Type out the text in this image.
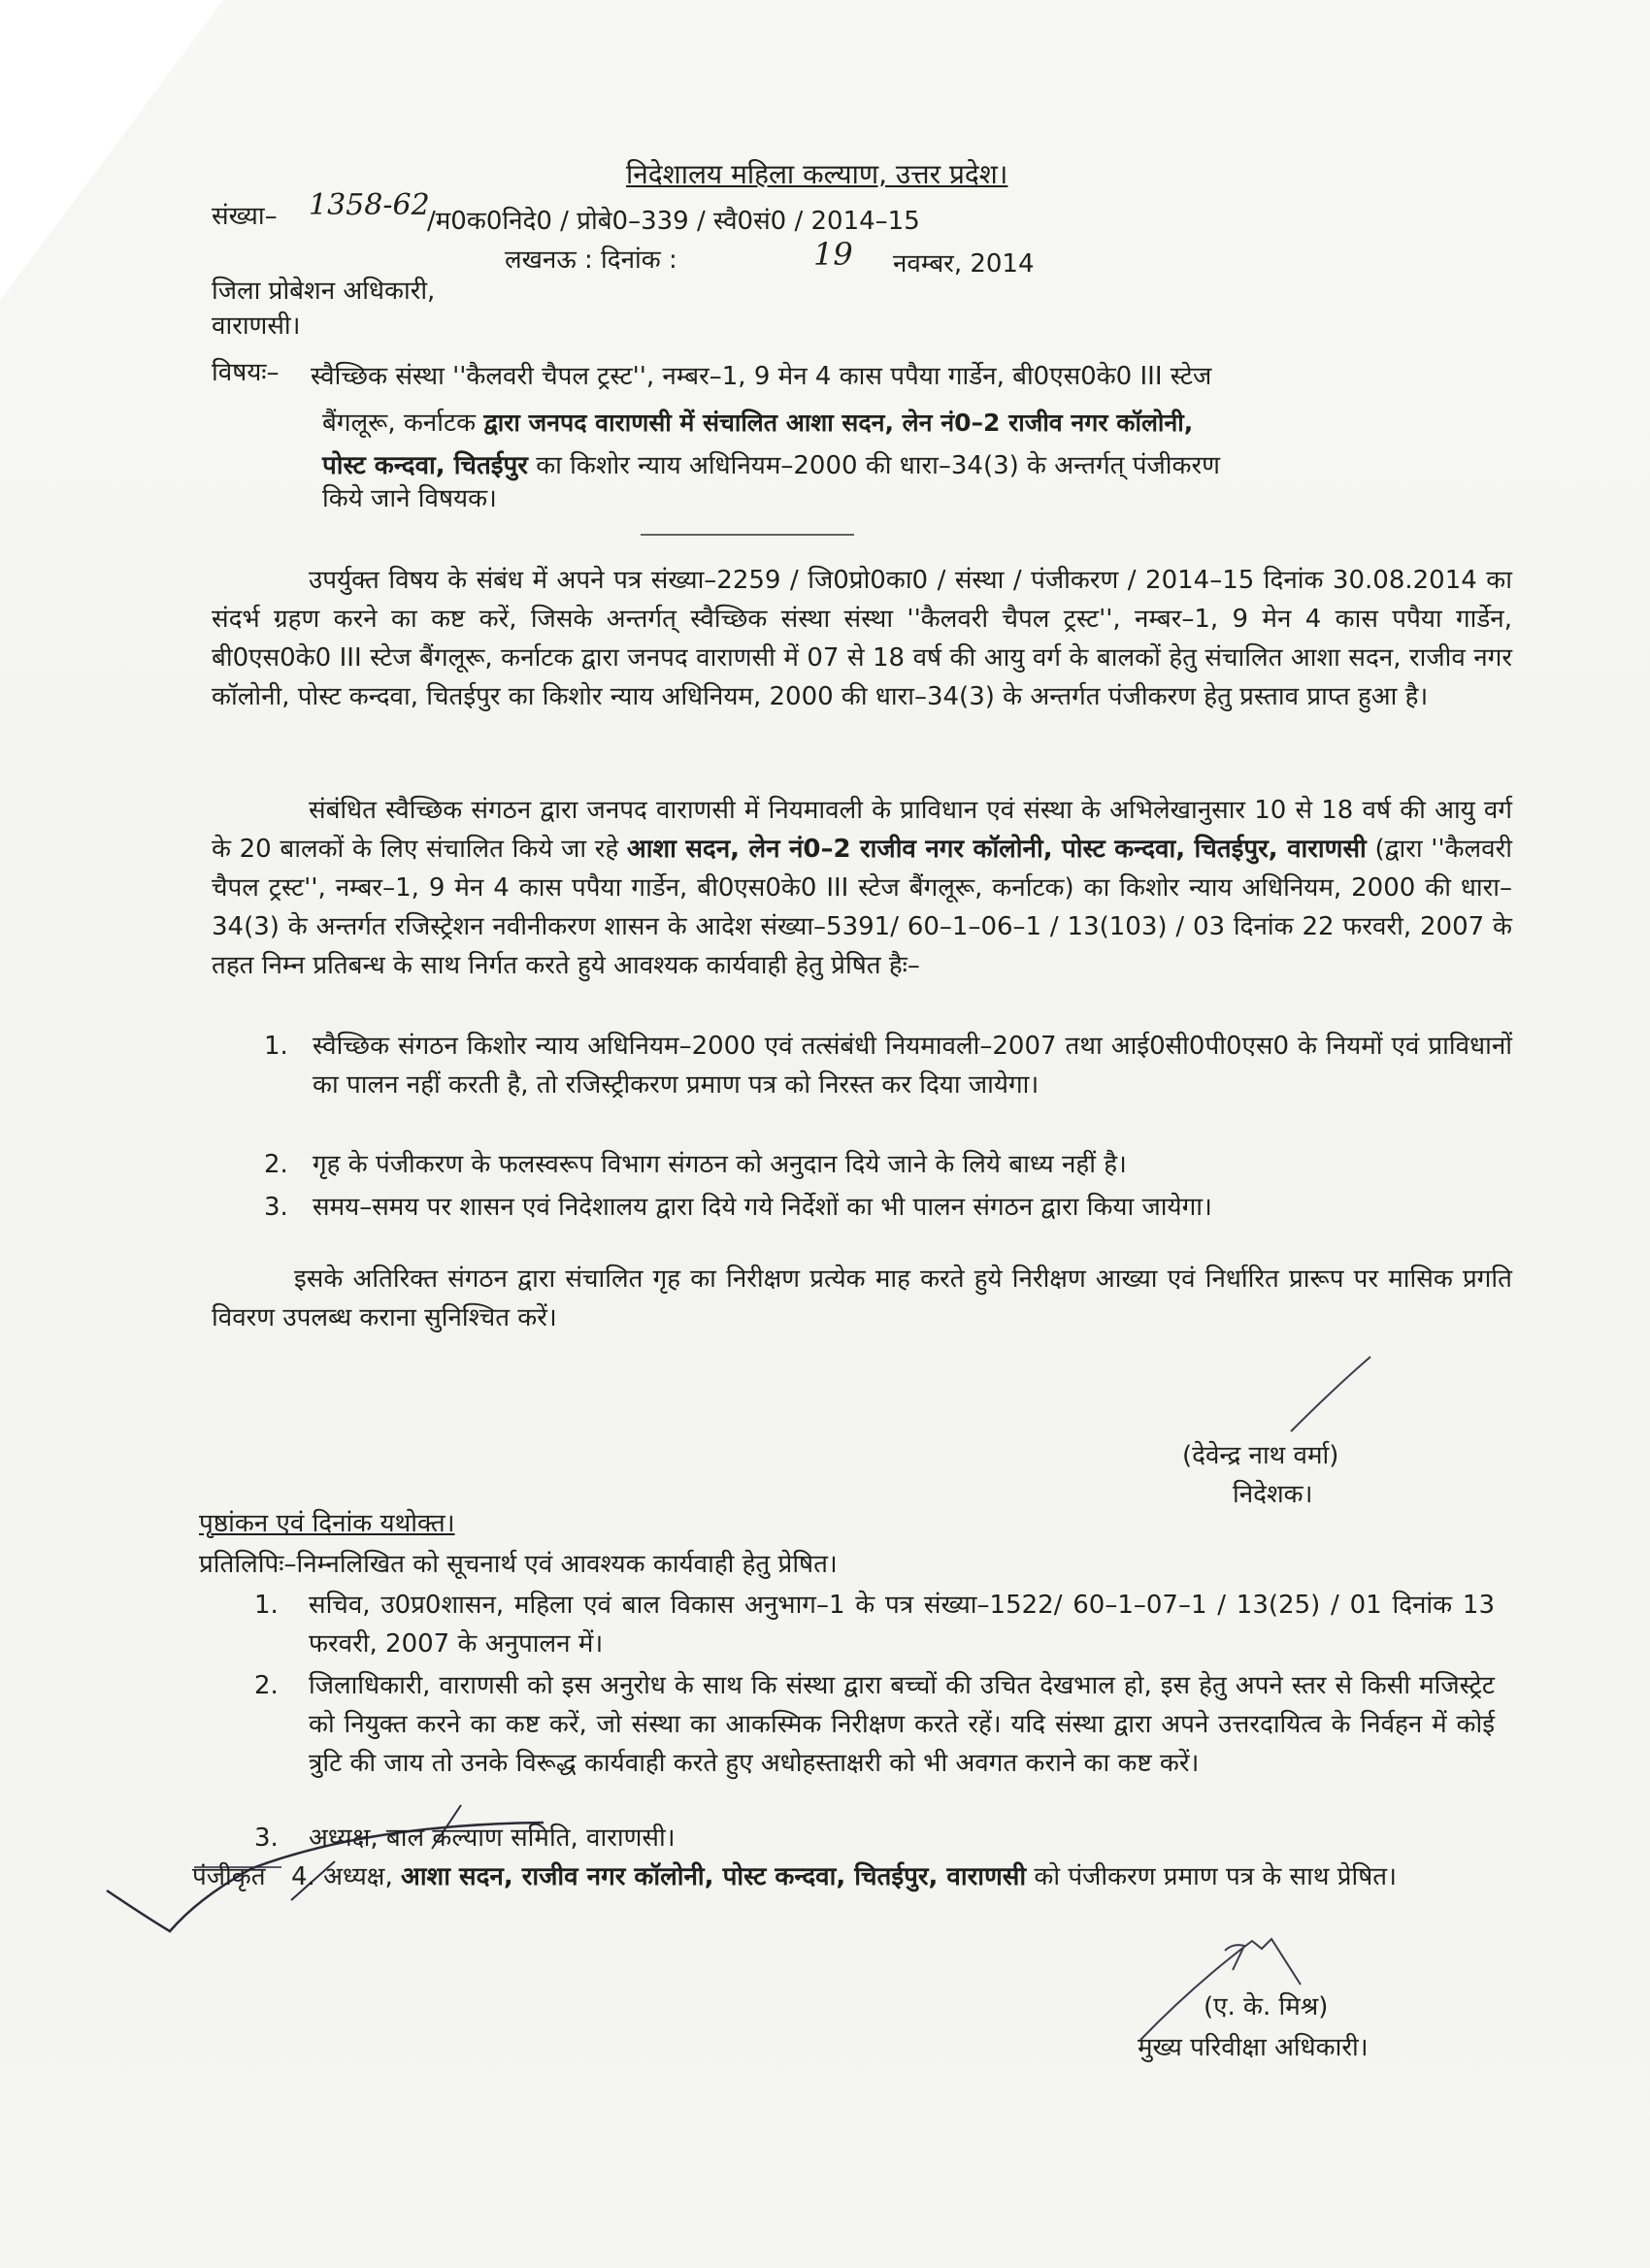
निदेशालय महिला कल्याण, उत्तर प्रदेश।
संख्या– 1358-62
/म0क0निदे0 / प्रोबे0–339 / स्वै0सं0 / 2014–15
लखनऊ : दिनांक :	19 नवम्बर, 2014
जिला प्रोबेशन अधिकारी,
वाराणसी।
विषयः– स्वैच्छिक संस्था ''कैलवरी चैपल ट्रस्ट'', नम्बर–1, 9 मेन 4 कास पपैया गार्डेन, बी0एस0के0 III स्टेज
बैंगलूरू, कर्नाटक द्वारा जनपद वाराणसी में संचालित आशा सदन, लेन नं0–2 राजीव नगर कॉलोनी,
पोस्ट कन्दवा, चितईपुर का किशोर न्याय अधिनियम–2000 की धारा–34(3) के अन्तर्गत् पंजीकरण
किये जाने विषयक।
उपर्युक्त विषय के संबंध में अपने पत्र संख्या–2259 / जि0प्रो0का0 / संस्था / पंजीकरण / 2014–15 दिनांक 30.08.2014 का संदर्भ ग्रहण करने का कष्ट करें, जिसके अन्तर्गत् स्वैच्छिक संस्था संस्था ''कैलवरी चैपल ट्रस्ट'', नम्बर–1, 9 मेन 4 कास पपैया गार्डेन, बी0एस0के0 III स्टेज बैंगलूरू, कर्नाटक द्वारा जनपद वाराणसी में 07 से 18 वर्ष की आयु वर्ग के बालकों हेतु संचालित आशा सदन, राजीव नगर कॉलोनी, पोस्ट कन्दवा, चितईपुर का किशोर न्याय अधिनियम, 2000 की धारा–34(3) के अन्तर्गत पंजीकरण हेतु प्रस्ताव प्राप्त हुआ है।
संबंधित स्वैच्छिक संगठन द्वारा जनपद वाराणसी में नियमावली के प्राविधान एवं संस्था के अभिलेखानुसार 10 से 18 वर्ष की आयु वर्ग के 20 बालकों के लिए संचालित किये जा रहे आशा सदन, लेन नं0–2 राजीव नगर कॉलोनी, पोस्ट कन्दवा, चितईपुर, वाराणसी (द्वारा ''कैलवरी चैपल ट्रस्ट'', नम्बर–1, 9 मेन 4 कास पपैया गार्डेन, बी0एस0के0 III स्टेज बैंगलूरू, कर्नाटक) का किशोर न्याय अधिनियम, 2000 की धारा–34(3) के अन्तर्गत रजिस्ट्रेशन नवीनीकरण शासन के आदेश संख्या–5391/ 60–1–06–1 / 13(103) / 03 दिनांक 22 फरवरी, 2007 के तहत निम्न प्रतिबन्ध के साथ निर्गत करते हुये आवश्यक कार्यवाही हेतु प्रेषित हैः–
1. स्वैच्छिक संगठन किशोर न्याय अधिनियम–2000 एवं तत्संबंधी नियमावली–2007 तथा आई0सी0पी0एस0 के नियमों एवं प्राविधानों का पालन नहीं करती है, तो रजिस्ट्रीकरण प्रमाण पत्र को निरस्त कर दिया जायेगा।
2. गृह के पंजीकरण के फलस्वरूप विभाग संगठन को अनुदान दिये जाने के लिये बाध्य नहीं है।
3. समय–समय पर शासन एवं निदेशालय द्वारा दिये गये निर्देशों का भी पालन संगठन द्वारा किया जायेगा।
इसके अतिरिक्त संगठन द्वारा संचालित गृह का निरीक्षण प्रत्येक माह करते हुये निरीक्षण आख्या एवं निर्धारित प्रारूप पर मासिक प्रगति विवरण उपलब्ध कराना सुनिश्चित करें।
(देवेन्द्र नाथ वर्मा)
निदेशक।
पृष्ठांकन एवं दिनांक यथोक्त।
प्रतिलिपिः–निम्नलिखित को सूचनार्थ एवं आवश्यक कार्यवाही हेतु प्रेषित।
1. सचिव, उ0प्र0शासन, महिला एवं बाल विकास अनुभाग–1 के पत्र संख्या–1522/ 60–1–07–1 / 13(25) / 01 दिनांक 13 फरवरी, 2007 के अनुपालन में।
2. जिलाधिकारी, वाराणसी को इस अनुरोध के साथ कि संस्था द्वारा बच्चों की उचित देखभाल हो, इस हेतु अपने स्तर से किसी मजिस्ट्रेट को नियुक्त करने का कष्ट करें, जो संस्था का आकस्मिक निरीक्षण करते रहें। यदि संस्था द्वारा अपने उत्तरदायित्व के निर्वहन में कोई त्रुटि की जाय तो उनके विरूद्ध कार्यवाही करते हुए अधोहस्ताक्षरी को भी अवगत कराने का कष्ट करें।
3. अध्यक्ष, बाल कल्याण समिति, वाराणसी।
पंजीकृत	4. अध्यक्ष, आशा सदन, राजीव नगर कॉलोनी, पोस्ट कन्दवा, चितईपुर, वाराणसी को पंजीकरण प्रमाण पत्र के साथ प्रेषित।
(ए. के. मिश्र)
मुख्य परिवीक्षा अधिकारी।
